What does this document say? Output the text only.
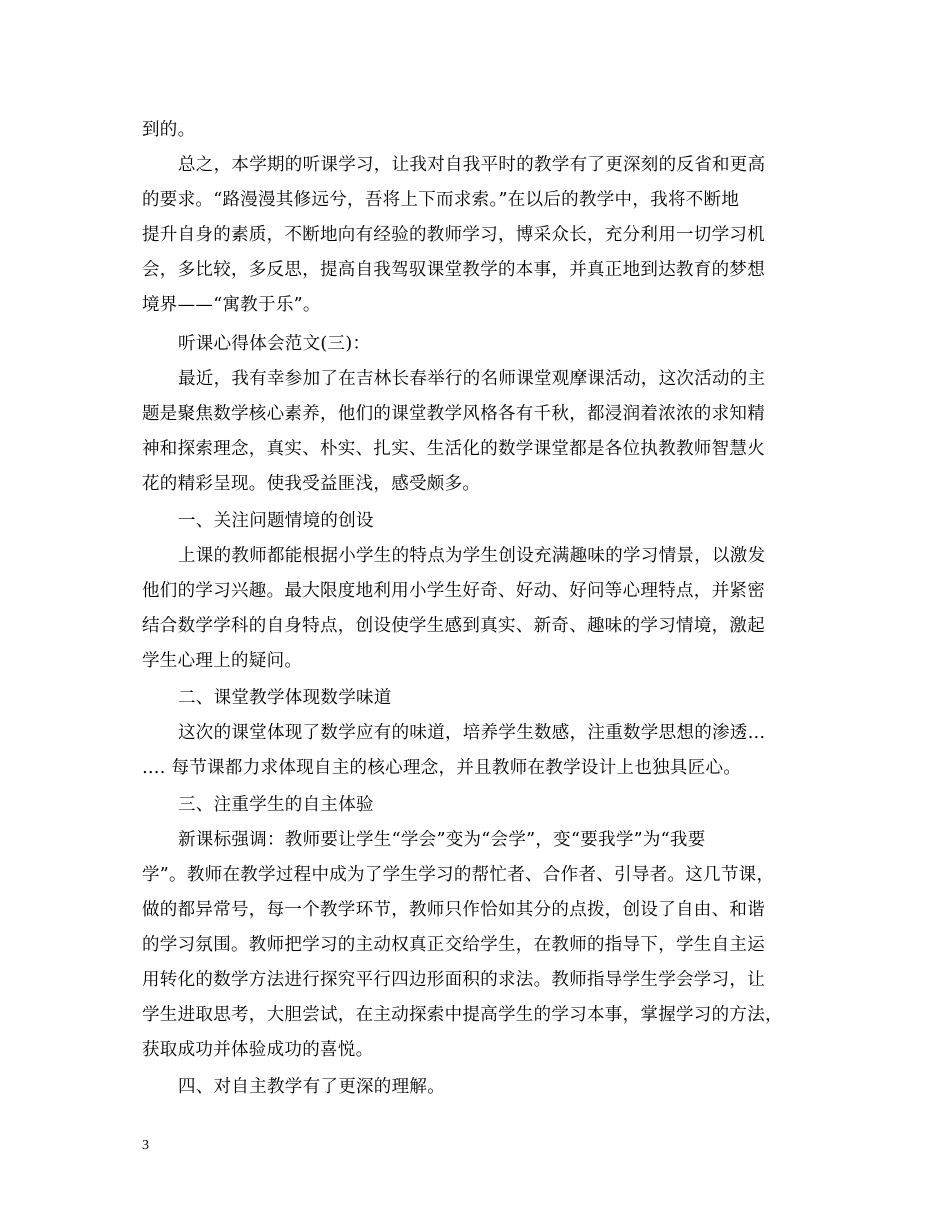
到的。
总之，本学期的听课学习，让我对自我平时的教学有了更深刻的反省和更高
的要求。“路漫漫其修远兮，吾将上下而求索。”在以后的教学中，我将不断地
提升自身的素质，不断地向有经验的教师学习，博采众长，充分利用一切学习机
会，多比较，多反思，提高自我驾驭课堂教学的本事，并真正地到达教育的梦想
境界——“寓教于乐”。
听课心得体会范文(三)：
最近，我有幸参加了在吉林长春举行的名师课堂观摩课活动，这次活动的主
题是聚焦数学核心素养，他们的课堂教学风格各有千秋，都浸润着浓浓的求知精
神和探索理念，真实、朴实、扎实、生活化的数学课堂都是各位执教教师智慧火
花的精彩呈现。使我受益匪浅，感受颇多。
一、关注问题情境的创设
上课的教师都能根据小学生的特点为学生创设充满趣味的学习情景，以激发
他们的学习兴趣。最大限度地利用小学生好奇、好动、好问等心理特点，并紧密
结合数学学科的自身特点，创设使学生感到真实、新奇、趣味的学习情境，激起
学生心理上的疑问。
二、课堂教学体现数学味道
这次的课堂体现了数学应有的味道，培养学生数感，注重数学思想的渗透…
…. 每节课都力求体现自主的核心理念，并且教师在教学设计上也独具匠心。
三、注重学生的自主体验
新课标强调：教师要让学生“学会”变为“会学”，变“要我学”为“我要
学”。教师在教学过程中成为了学生学习的帮忙者、合作者、引导者。这几节课，
做的都异常号，每一个教学环节，教师只作恰如其分的点拨，创设了自由、和谐
的学习氛围。教师把学习的主动权真正交给学生，在教师的指导下，学生自主运
用转化的数学方法进行探究平行四边形面积的求法。教师指导学生学会学习，让
学生进取思考，大胆尝试，在主动探索中提高学生的学习本事，掌握学习的方法，
获取成功并体验成功的喜悦。
四、对自主教学有了更深的理解。
3
